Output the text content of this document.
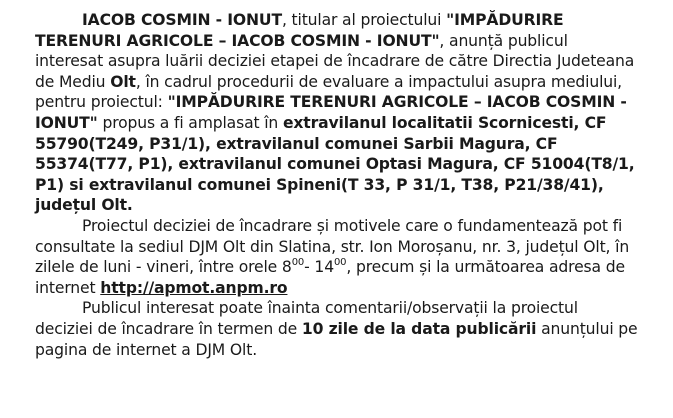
IACOB COSMIN - IONUT, titular al proiectului "IMPĂDURIRE TERENURI AGRICOLE – IACOB COSMIN - IONUT", anunță publicul interesat asupra luării deciziei etapei de încadrare de către Directia Judeteana de Mediu Olt, în cadrul procedurii de evaluare a impactului asupra mediului, pentru proiectul: "IMPĂDURIRE TERENURI AGRICOLE – IACOB COSMIN - IONUT" propus a fi amplasat în extravilanul localitatii Scornicesti, CF 55790(T249, P31/1), extravilanul comunei Sarbii Magura, CF 55374(T77, P1), extravilanul comunei Optasi Magura, CF 51004(T8/1, P1) si extravilanul comunei Spineni(T 33, P 31/1, T38, P21/38/41), județul Olt.

Proiectul deciziei de încadrare și motivele care o fundamentează pot fi consultate la sediul DJM Olt din Slatina, str. Ion Moroșanu, nr. 3, județul Olt, în zilele de luni - vineri, între orele $8^{00}-$ $14^{00}$, precum și la următoarea adresa de internet http://apmot.anpm.ro

Publicul interesat poate înainta comentarii/observații la proiectul deciziei de încadrare în termen de 10 zile de la data publicării anunțului pe pagina de internet a DJM Olt.
